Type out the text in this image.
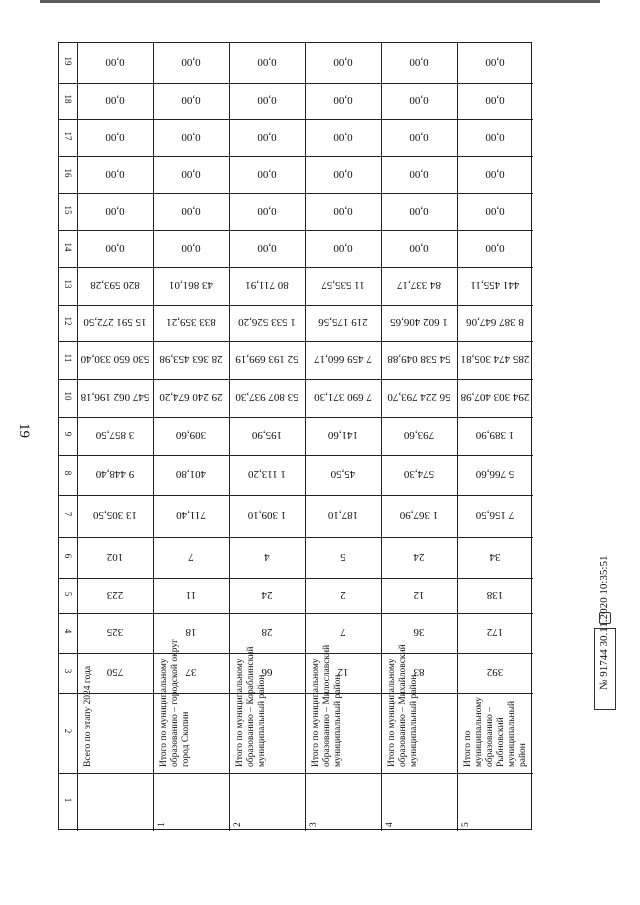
19
19
18
17
16
15
14
13
12
11
10
9
8
7
6
5
4
3
2
1
0,00
0,00
0,00
0,00
0,00
0,00
820 593,28
15 591 272,50
530 650 330,40
547 062 196,18
3 857,50
9 448,40
13 305,50
102
223
325
750
Всего по этапу 2024 года
0,00
0,00
0,00
0,00
0,00
0,00
43 861,01
833 359,21
28 363 453,98
29 240 674,20
309,60
401,80
711,40
7
11
18
37
Итого по муниципальному
образованию – городской округ
город Скопин
1
0,00
0,00
0,00
0,00
0,00
0,00
80 711,91
1 533 526,20
52 193 699,19
53 807 937,30
195,90
1 113,20
1 309,10
4
24
28
66
Итого по муниципальному
образованию – Кораблинский
муниципальный район
2
0,00
0,00
0,00
0,00
0,00
0,00
11 535,57
219 175,56
7 459 660,17
7 690 371,30
141,60
45,50
187,10
5
2
7
12
Итого по муниципальному
образованию – Милославский
муниципальный район
3
0,00
0,00
0,00
0,00
0,00
0,00
84 337,17
1 602 406,65
54 538 049,88
56 224 793,70
793,60
574,30
1 367,90
24
12
36
83
Итого по муниципальному
образованию – Михайловский
муниципальный район
4
0,00
0,00
0,00
0,00
0,00
0,00
441 455,11
8 387 647,06
285 474 305,81
294 303 407,98
1 389,90
5 766,60
7 156,50
34
138
172
392
Итого по муниципальному
образованию – Рыбновский
муниципальный район
5
№ 91744 30.11.2020 10:35:51
